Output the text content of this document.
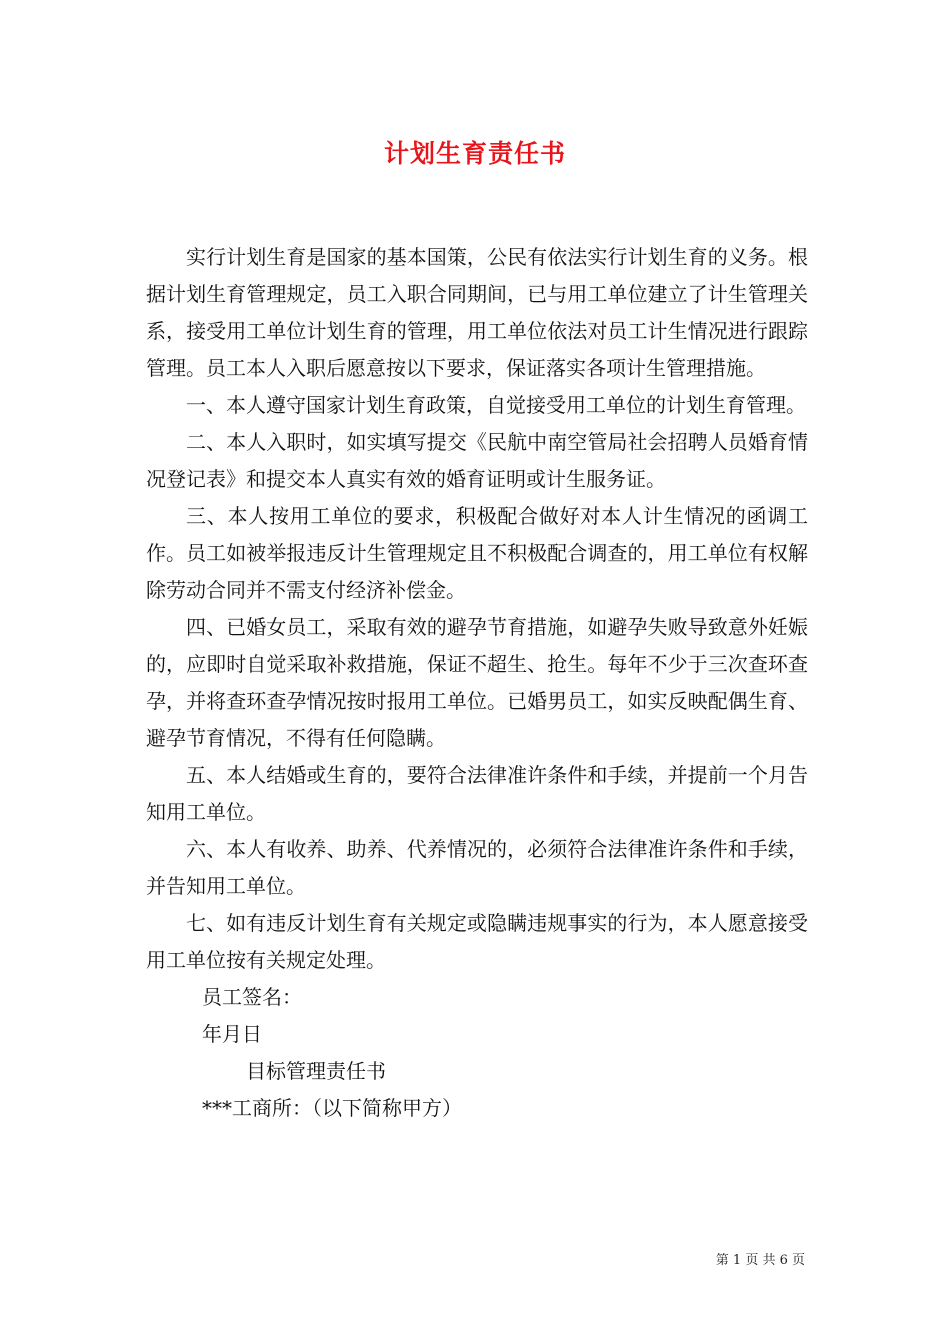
计划生育责任书

实行计划生育是国家的基本国策，公民有依法实行计划生育的义务。根据计划生育管理规定，员工入职合同期间，已与用工单位建立了计生管理关系，接受用工单位计划生育的管理，用工单位依法对员工计生情况进行跟踪管理。员工本人入职后愿意按以下要求，保证落实各项计生管理措施。

一、本人遵守国家计划生育政策，自觉接受用工单位的计划生育管理。

二、本人入职时，如实填写提交《民航中南空管局社会招聘人员婚育情况登记表》和提交本人真实有效的婚育证明或计生服务证。

三、本人按用工单位的要求，积极配合做好对本人计生情况的函调工作。员工如被举报违反计生管理规定且不积极配合调查的，用工单位有权解除劳动合同并不需支付经济补偿金。

四、已婚女员工，采取有效的避孕节育措施，如避孕失败导致意外妊娠的，应即时自觉采取补救措施，保证不超生、抢生。每年不少于三次查环查孕，并将查环查孕情况按时报用工单位。已婚男员工，如实反映配偶生育、避孕节育情况，不得有任何隐瞒。

五、本人结婚或生育的，要符合法律准许条件和手续，并提前一个月告知用工单位。

六、本人有收养、助养、代养情况的，必须符合法律准许条件和手续，并告知用工单位。

七、如有违反计划生育有关规定或隐瞒违规事实的行为，本人愿意接受用工单位按有关规定处理。

员工签名：

年月日

目标管理责任书

***工商所：（以下简称甲方）

第 1 页 共 6 页
